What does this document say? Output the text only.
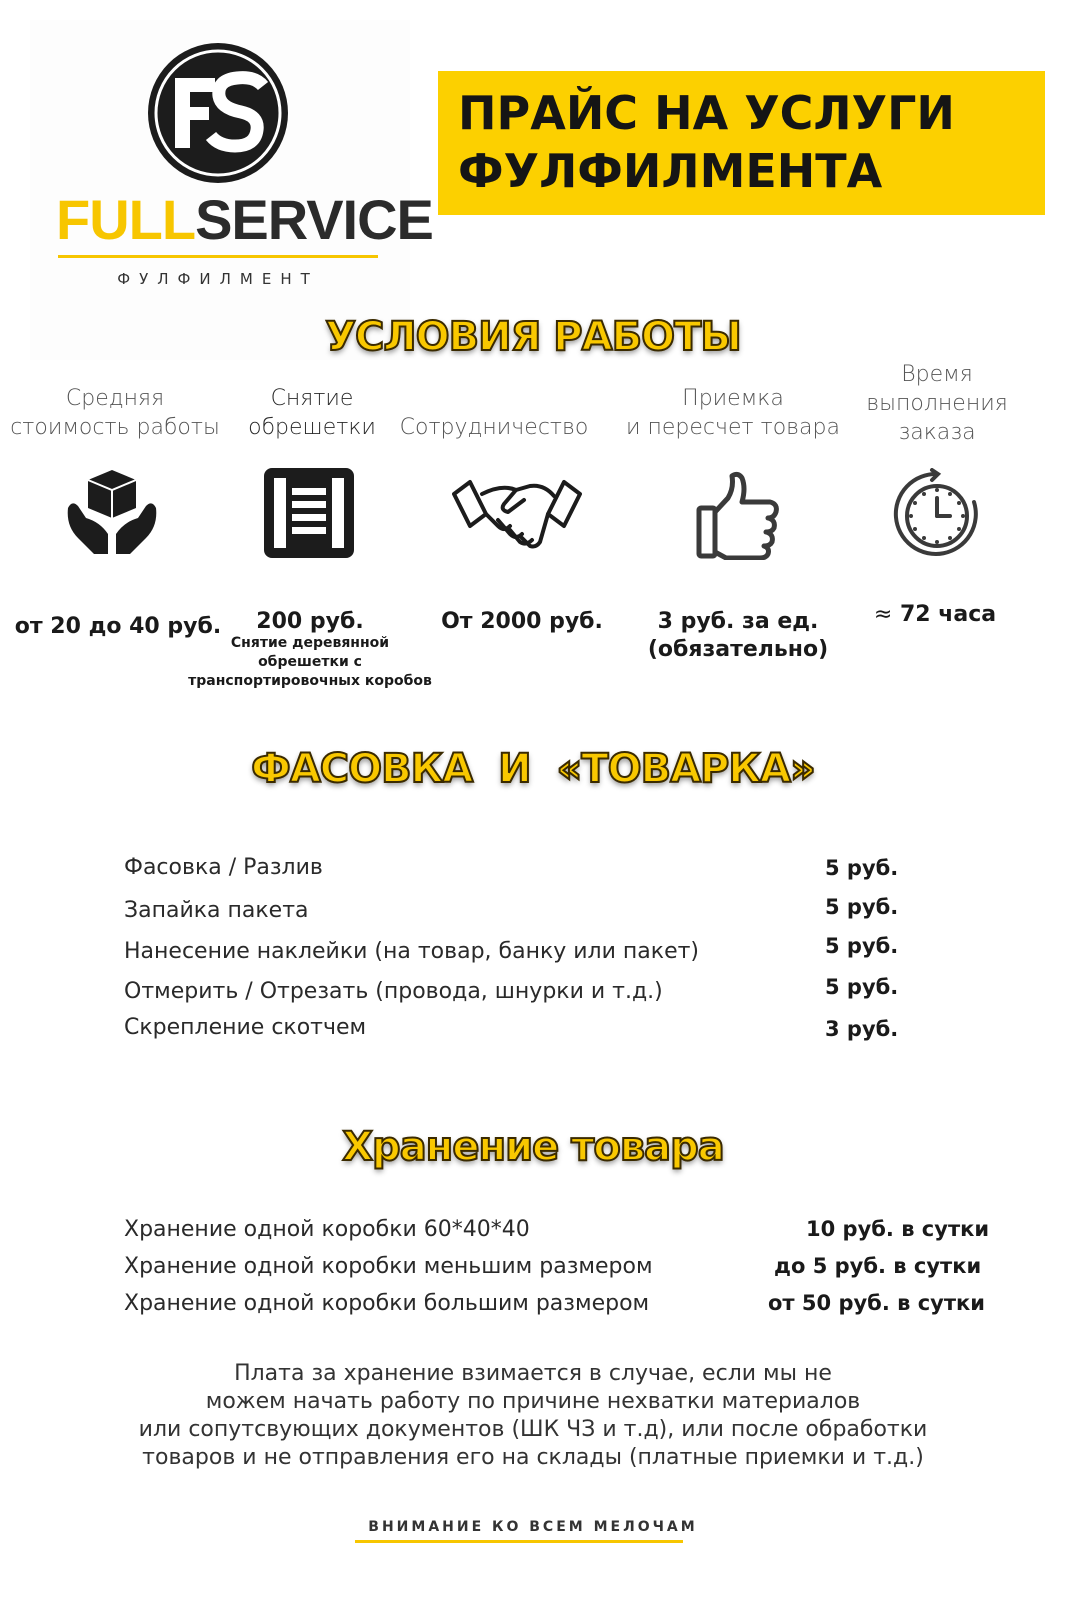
FULLSERVICE
ФУЛФИЛМЕНТ
ПРАЙС НА УСЛУГИ
ФУЛФИЛМЕНТА
УСЛОВИЯ РАБОТЫ
Средняя
стоимость работы
от 20 до 40 руб.
Снятие
обрешетки
200 руб.
Снятие деревянной
обрешетки с
транспортировочных коробов
Сотрудничество
От 2000 руб.
Приемка
и пересчет товара
3 руб. за ед.
(обязательно)
Время
выполнения
заказа
≈ 72 часа
ФАСОВКА  И  «ТОВАРКА»
Фасовка / Разлив	5 руб.
Запайка пакета	5 руб.
Нанесение наклейки (на товар, банку или пакет)	5 руб.
Отмерить / Отрезать (провода, шнурки и т.д.)	5 руб.
Скрепление скотчем	3 руб.
Хранение товара
Хранение одной коробки 60*40*40	10 руб. в сутки
Хранение одной коробки меньшим размером	до 5 руб. в сутки
Хранение одной коробки большим размером	от 50 руб. в сутки
Плата за хранение взимается в случае, если мы не
можем начать работу по причине нехватки материалов
или сопутсвующих документов (ШК ЧЗ и т.д), или после обработки
товаров и не отправления его на склады (платные приемки и т.д.)
ВНИМАНИЕ КО ВСЕМ МЕЛОЧАМ
